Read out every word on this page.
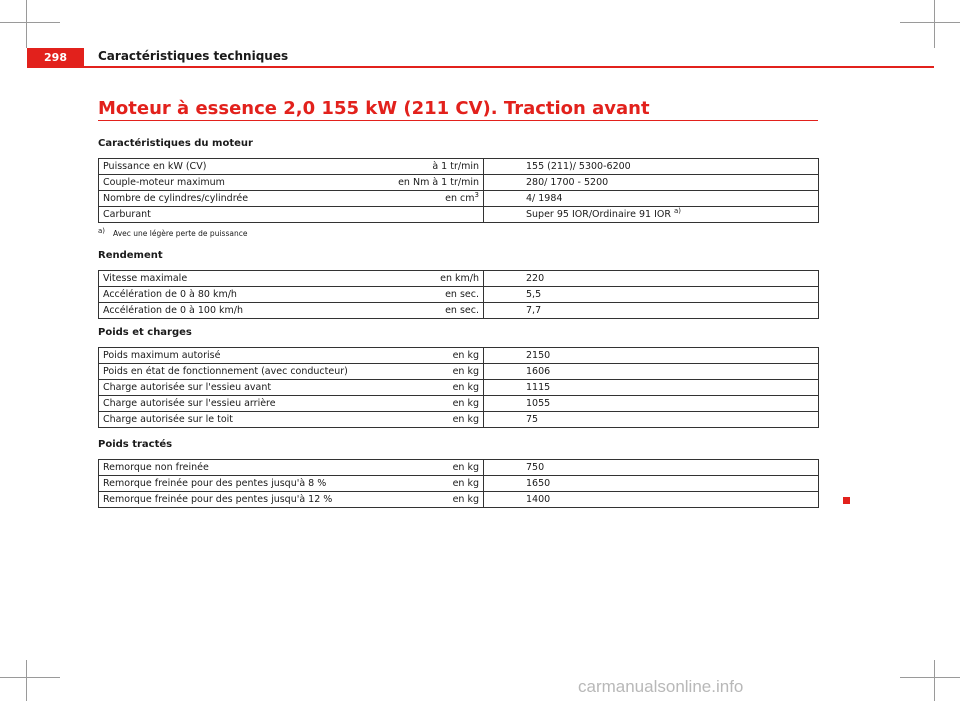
298	Caractéristiques techniques
Moteur à essence 2,0 155 kW (211 CV). Traction avant
Caractéristiques du moteur
Puissance en kW (CV)	à 1 tr/min	155 (211)/ 5300-6200
Couple-moteur maximum	en Nm à 1 tr/min	280/ 1700 - 5200
Nombre de cylindres/cylindrée	en $cm^3$	4/ 1984
Carburant		Super 95 IOR/Ordinaire 91 IOR $^{a)}$
$^{a)}$ Avec une légère perte de puissance
Rendement
Vitesse maximale	en km/h	220
Accélération de 0 à 80 km/h	en sec.	5,5
Accélération de 0 à 100 km/h	en sec.	7,7
Poids et charges
Poids maximum autorisé	en kg	2150
Poids en état de fonctionnement (avec conducteur)	en kg	1606
Charge autorisée sur l'essieu avant	en kg	1115
Charge autorisée sur l'essieu arrière	en kg	1055
Charge autorisée sur le toit	en kg	75
Poids tractés
Remorque non freinée	en kg	750
Remorque freinée pour des pentes jusqu'à 8 %	en kg	1650
Remorque freinée pour des pentes jusqu'à 12 %	en kg	1400
carmanualsonline.info
